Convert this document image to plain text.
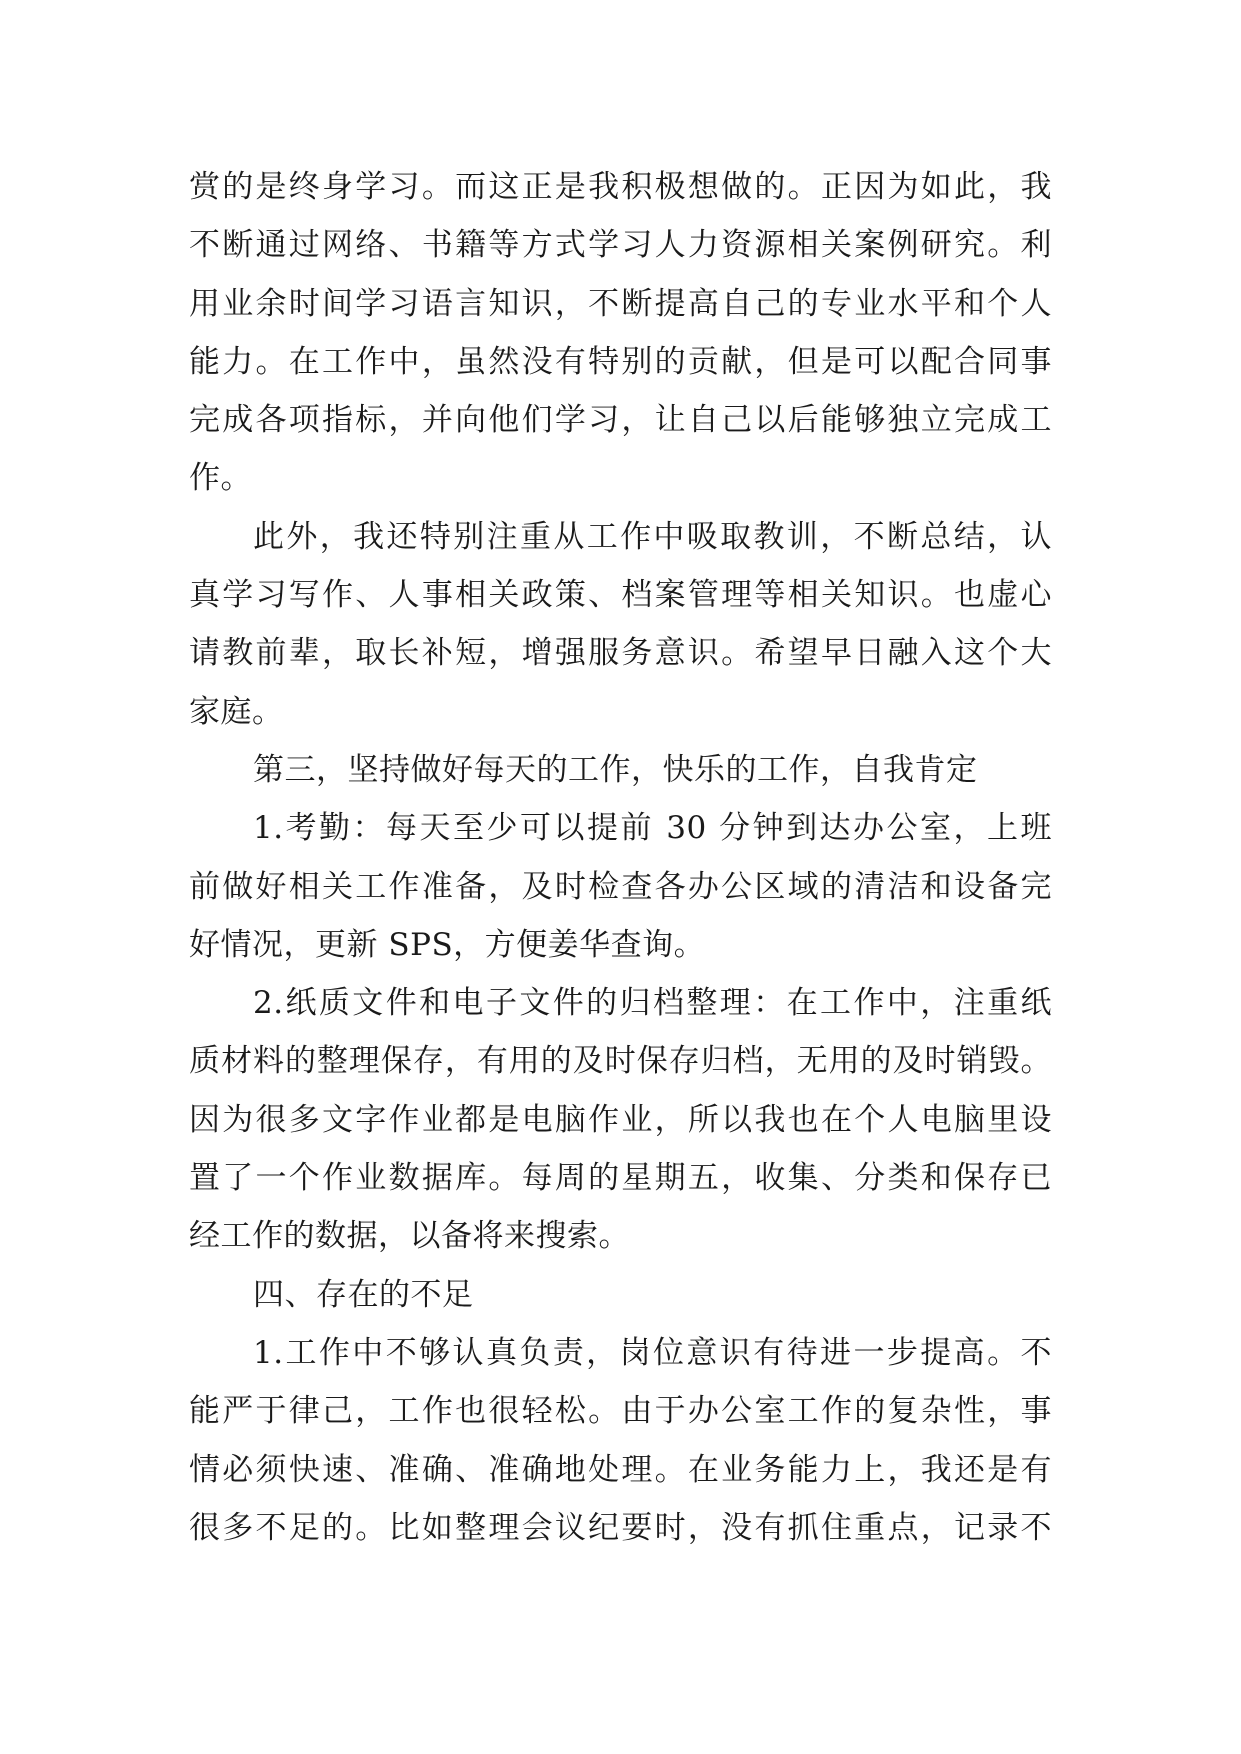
赏的是终身学习。而这正是我积极想做的。正因为如此，我
不断通过网络、书籍等方式学习人力资源相关案例研究。利
用业余时间学习语言知识，不断提高自己的专业水平和个人
能力。在工作中，虽然没有特别的贡献，但是可以配合同事
完成各项指标，并向他们学习，让自己以后能够独立完成工
作。
此外，我还特别注重从工作中吸取教训，不断总结，认
真学习写作、人事相关政策、档案管理等相关知识。也虚心
请教前辈，取长补短，增强服务意识。希望早日融入这个大
家庭。
第三，坚持做好每天的工作，快乐的工作，自我肯定
1.考勤：每天至少可以提前 30 分钟到达办公室，上班
前做好相关工作准备，及时检查各办公区域的清洁和设备完
好情况，更新 SPS，方便姜华查询。
2.纸质文件和电子文件的归档整理：在工作中，注重纸
质材料的整理保存，有用的及时保存归档，无用的及时销毁。
因为很多文字作业都是电脑作业，所以我也在个人电脑里设
置了一个作业数据库。每周的星期五，收集、分类和保存已
经工作的数据，以备将来搜索。
四、存在的不足
1.工作中不够认真负责，岗位意识有待进一步提高。不
能严于律己，工作也很轻松。由于办公室工作的复杂性，事
情必须快速、准确、准确地处理。在业务能力上，我还是有
很多不足的。比如整理会议纪要时，没有抓住重点，记录不
